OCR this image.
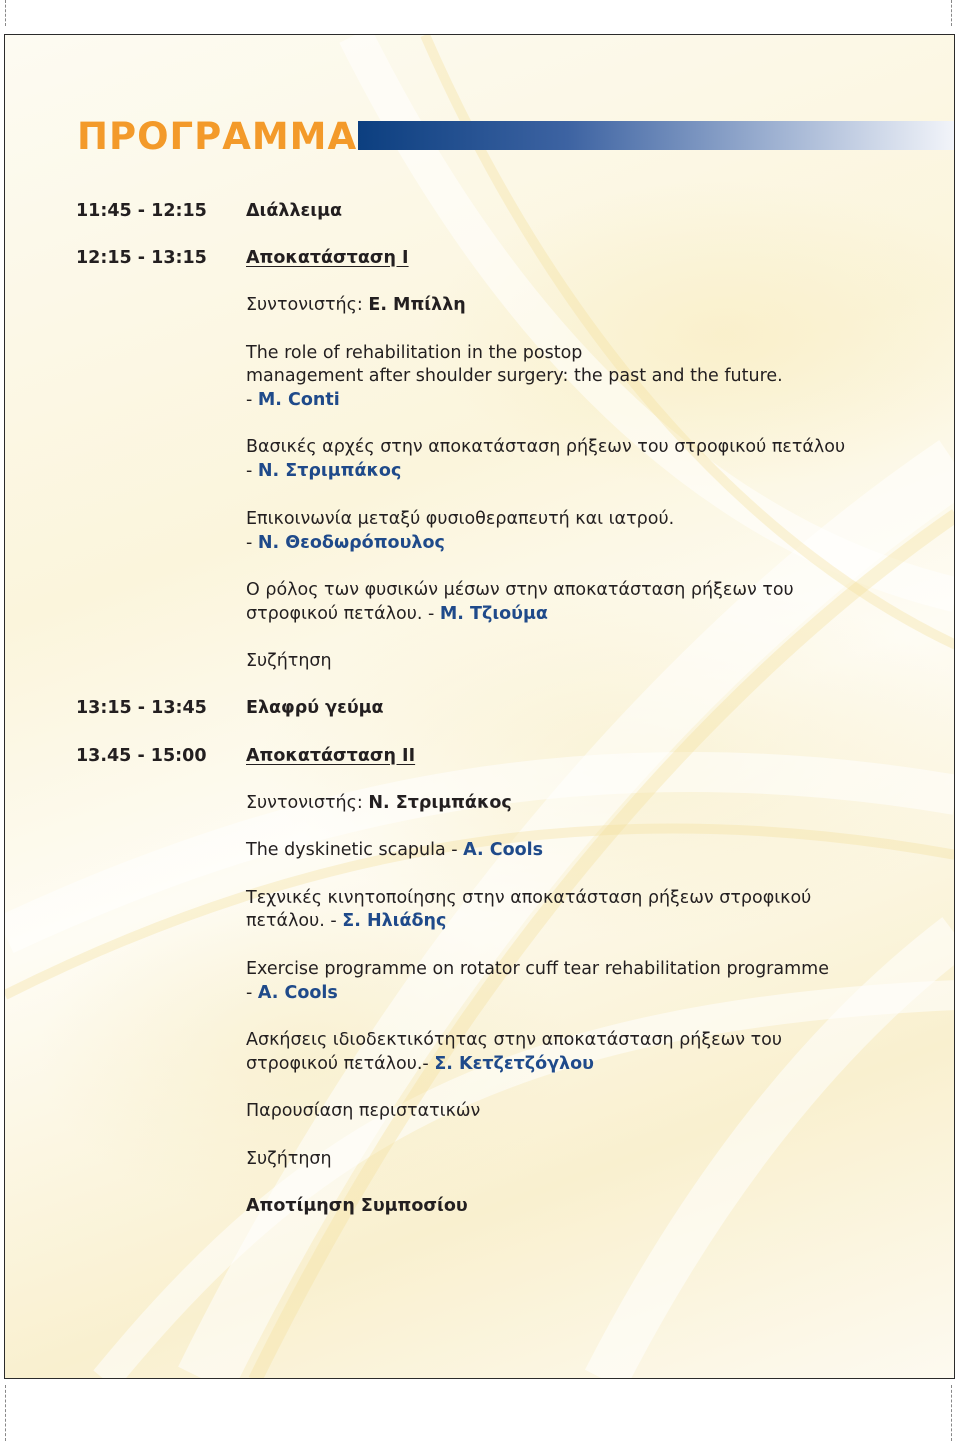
ΠΡΟΓΡΑΜΜΑ
11:45 - 12:15 Διάλλειμα
12:15 - 13:15 Αποκατάσταση Ι
Συντονιστής: Ε. Μπίλλη
The role of rehabilitation in the postop
management after shoulder surgery: the past and the future.
- M. Conti
Βασικές αρχές στην αποκατάσταση ρήξεων του στροφικού πετάλου
- Ν. Στριμπάκος
Επικοινωνία μεταξύ φυσιοθεραπευτή και ιατρού.
- Ν. Θεοδωρόπουλος
Ο ρόλος των φυσικών μέσων στην αποκατάσταση ρήξεων του
στροφικού πετάλου. - Μ. Τζιούμα
Συζήτηση
13:15 - 13:45 Ελαφρύ γεύμα
13.45 - 15:00 Αποκατάσταση ΙΙ
Συντονιστής: Ν. Στριμπάκος
The dyskinetic scapula - A. Cools
Τεχνικές κινητοποίησης στην αποκατάσταση ρήξεων στροφικού
πετάλου. - Σ. Ηλιάδης
Exercise programme on rotator cuff tear rehabilitation programme
- A. Cools
Ασκήσεις ιδιοδεκτικότητας στην αποκατάσταση ρήξεων του
στροφικού πετάλου.- Σ. Κετζετζόγλου
Παρουσίαση περιστατικών
Συζήτηση
Αποτίμηση Συμποσίου
